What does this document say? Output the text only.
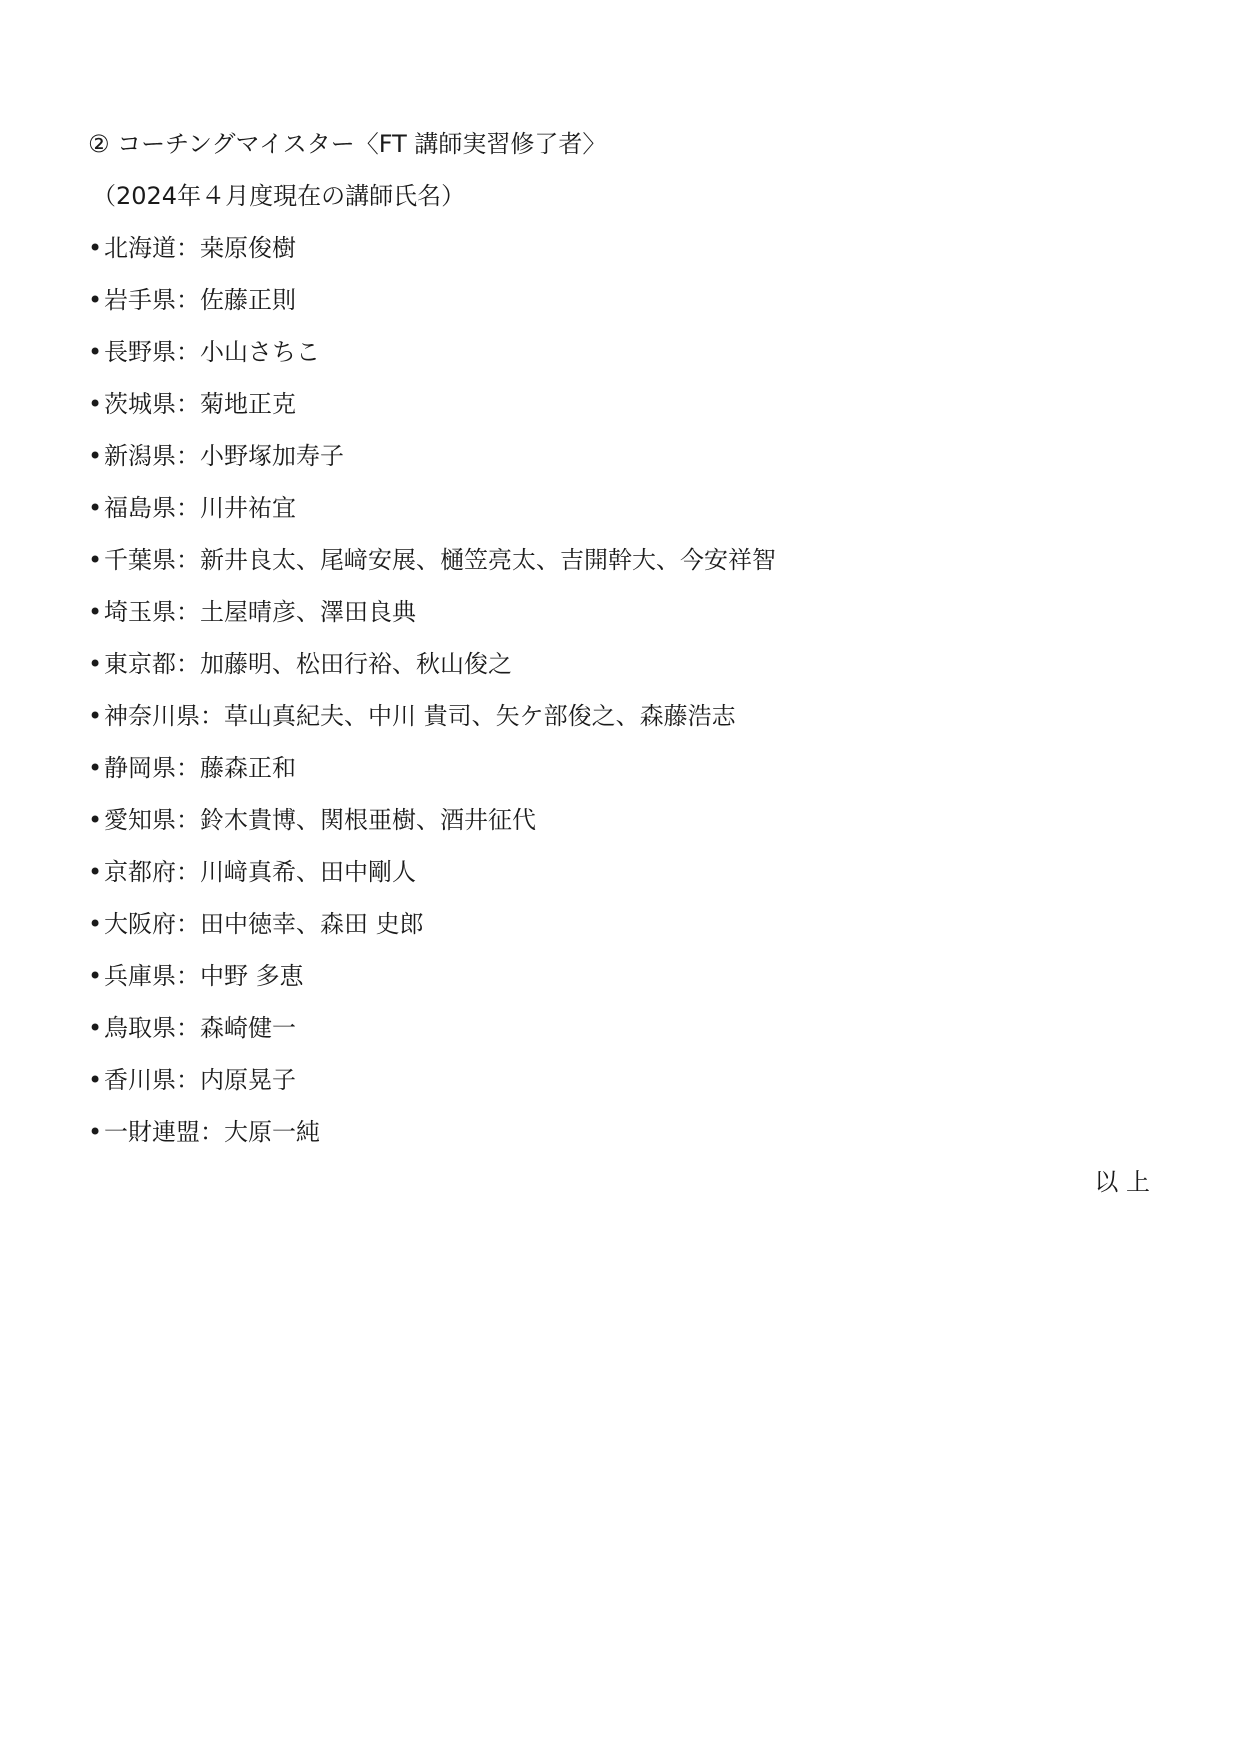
② コーチングマイスター〈FT 講師実習修了者〉
（2024年４月度現在の講師氏名）
• 北海道：桒原俊樹
• 岩手県：佐藤正則
• 長野県：小山さちこ
• 茨城県：菊地正克
• 新潟県：小野塚加寿子
• 福島県：川井祐宜
• 千葉県：新井良太、尾﨑安展、樋笠亮太、吉開幹大、今安祥智
• 埼玉県：土屋晴彦、澤田良典
• 東京都：加藤明、松田行裕、秋山俊之
• 神奈川県：草山真紀夫、中川 貴司、矢ケ部俊之、森藤浩志
• 静岡県：藤森正和
• 愛知県：鈴木貴博、関根亜樹、酒井征代
• 京都府：川﨑真希、田中剛人
• 大阪府：田中徳幸、森田 史郎
• 兵庫県：中野 多恵
• 鳥取県：森崎健一
• 香川県：内原晃子
• 一財連盟：大原一純
以 上
